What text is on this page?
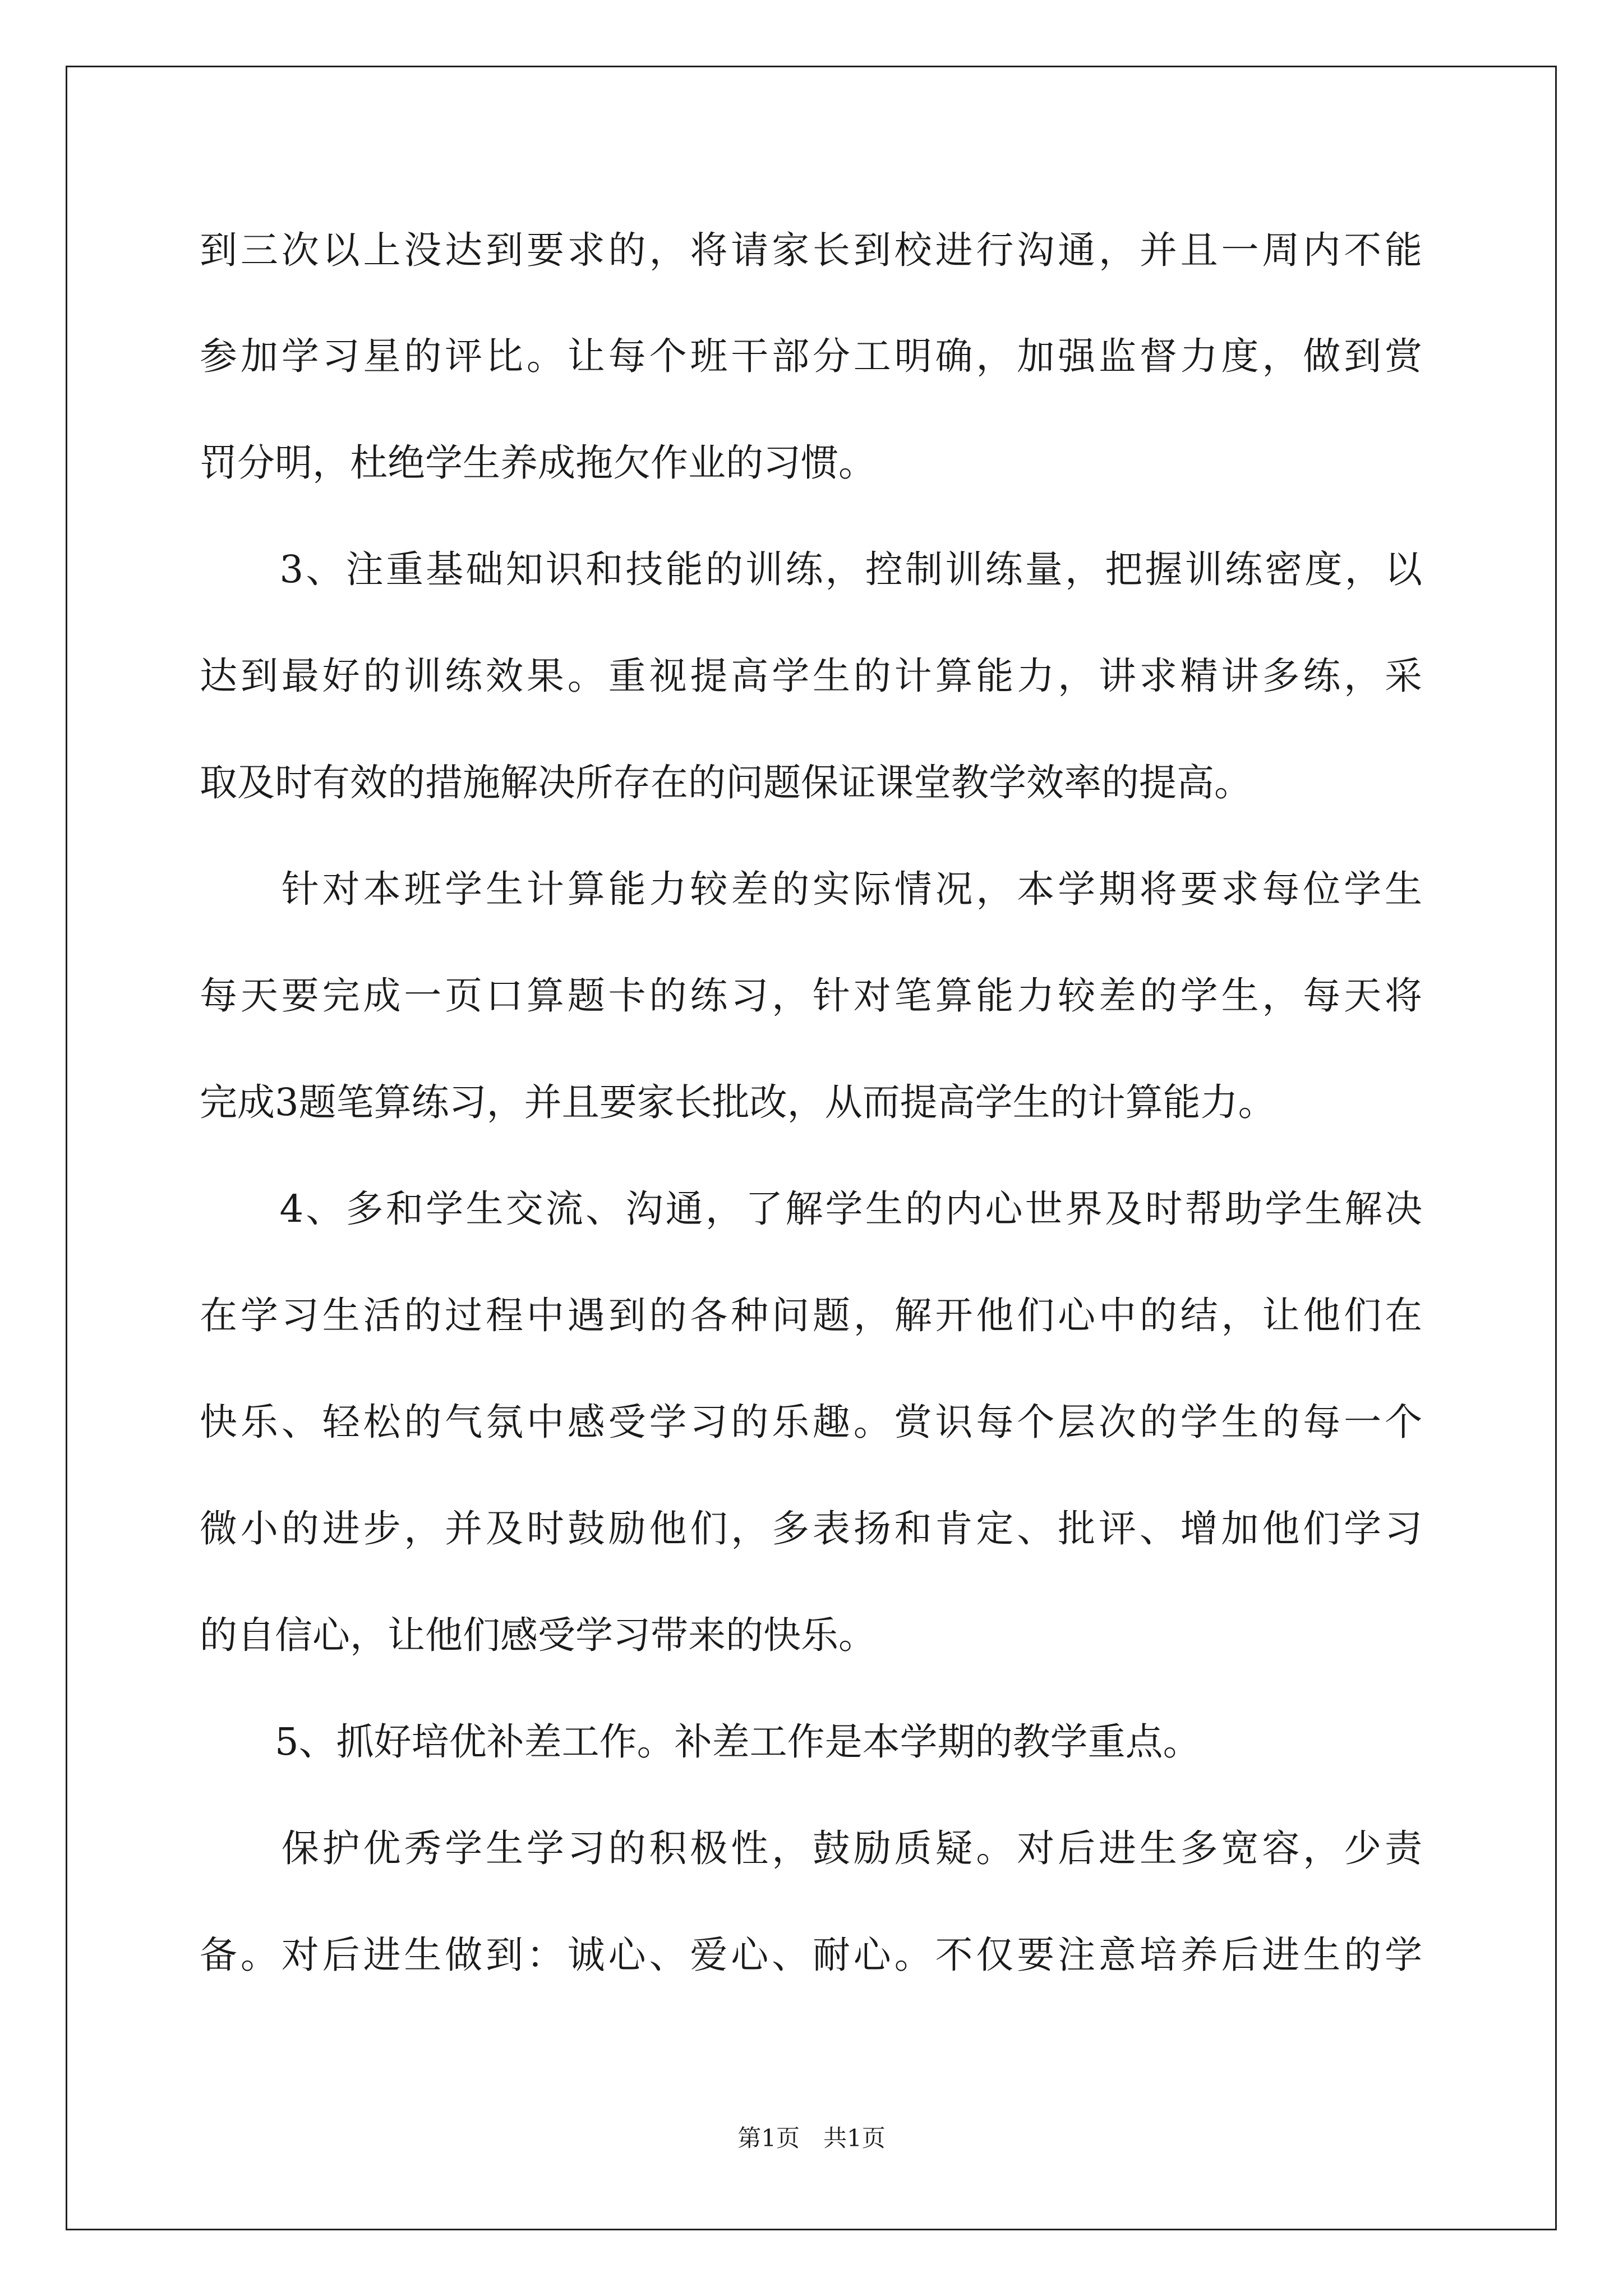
到三次以上没达到要求的，将请家长到校进行沟通，并且一周内不能
参加学习星的评比。让每个班干部分工明确，加强监督力度，做到赏
罚分明，杜绝学生养成拖欠作业的习惯。
　　3、注重基础知识和技能的训练，控制训练量，把握训练密度，以
达到最好的训练效果。重视提高学生的计算能力，讲求精讲多练，采
取及时有效的措施解决所存在的问题保证课堂教学效率的提高。
　　针对本班学生计算能力较差的实际情况，本学期将要求每位学生
每天要完成一页口算题卡的练习，针对笔算能力较差的学生，每天将
完成3题笔算练习，并且要家长批改，从而提高学生的计算能力。
　　4、多和学生交流、沟通，了解学生的内心世界及时帮助学生解决
在学习生活的过程中遇到的各种问题，解开他们心中的结，让他们在
快乐、轻松的气氛中感受学习的乐趣。赏识每个层次的学生的每一个
微小的进步，并及时鼓励他们，多表扬和肯定、批评、增加他们学习
的自信心，让他们感受学习带来的快乐。
　　5、抓好培优补差工作。补差工作是本学期的教学重点。
　　保护优秀学生学习的积极性，鼓励质疑。对后进生多宽容，少责
备。对后进生做到：诚心、爱心、耐心。不仅要注意培养后进生的学
第1页　共1页
